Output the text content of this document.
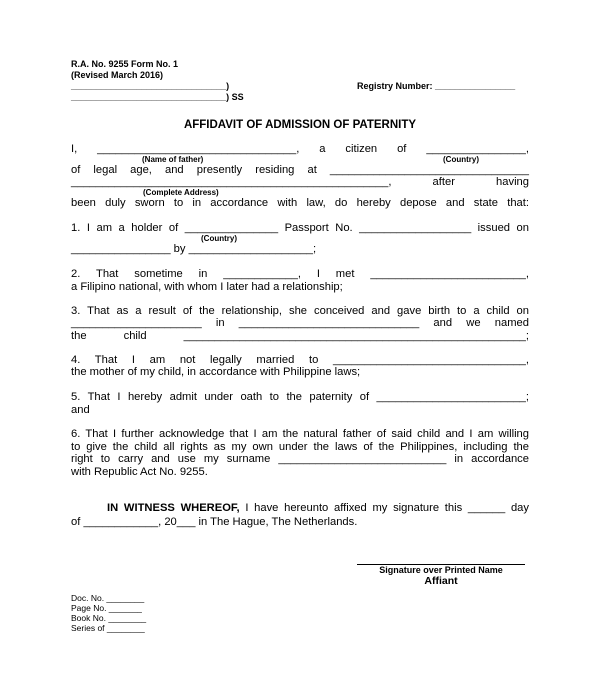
R.A. No. 9255 Form No. 1
(Revised March 2016)
_______________________________)
_______________________________) SS
Registry Number: ________________
AFFIDAVIT OF ADMISSION OF PATERNITY
I, ________________________________, a citizen of ________________,
(Name of father)	(Country)
of legal age, and presently residing at ________________________________
___________________________________________________, after having
(Complete Address)
been duly sworn to in accordance with law, do hereby depose and state that:
1. I am a holder of _______________ Passport No. __________________ issued on
(Country)
________________ by ____________________;
2. That sometime in ____________, I met _________________________,
a Filipino national, with whom I later had a relationship;
3. That as a result of the relationship, she conceived and gave birth to a child on
_____________________ in _____________________________ and we named
the child _______________________________________________________;
4. That I am not legally married to _______________________________,
the mother of my child, in accordance with Philippine laws;
5. That I hereby admit under oath to the paternity of ________________________;
and
6. That I further acknowledge that I am the natural father of said child and I am willing
to give the child all rights as my own under the laws of the Philippines, including the
right to carry and use my surname ___________________________ in accordance
with Republic Act No. 9255.
IN WITNESS WHEREOF, I have hereunto affixed my signature this ______ day
of ____________, 20___ in The Hague, The Netherlands.
Signature over Printed Name
Affiant
Doc. No. ________
Page No. _______
Book No. ________
Series of ________
